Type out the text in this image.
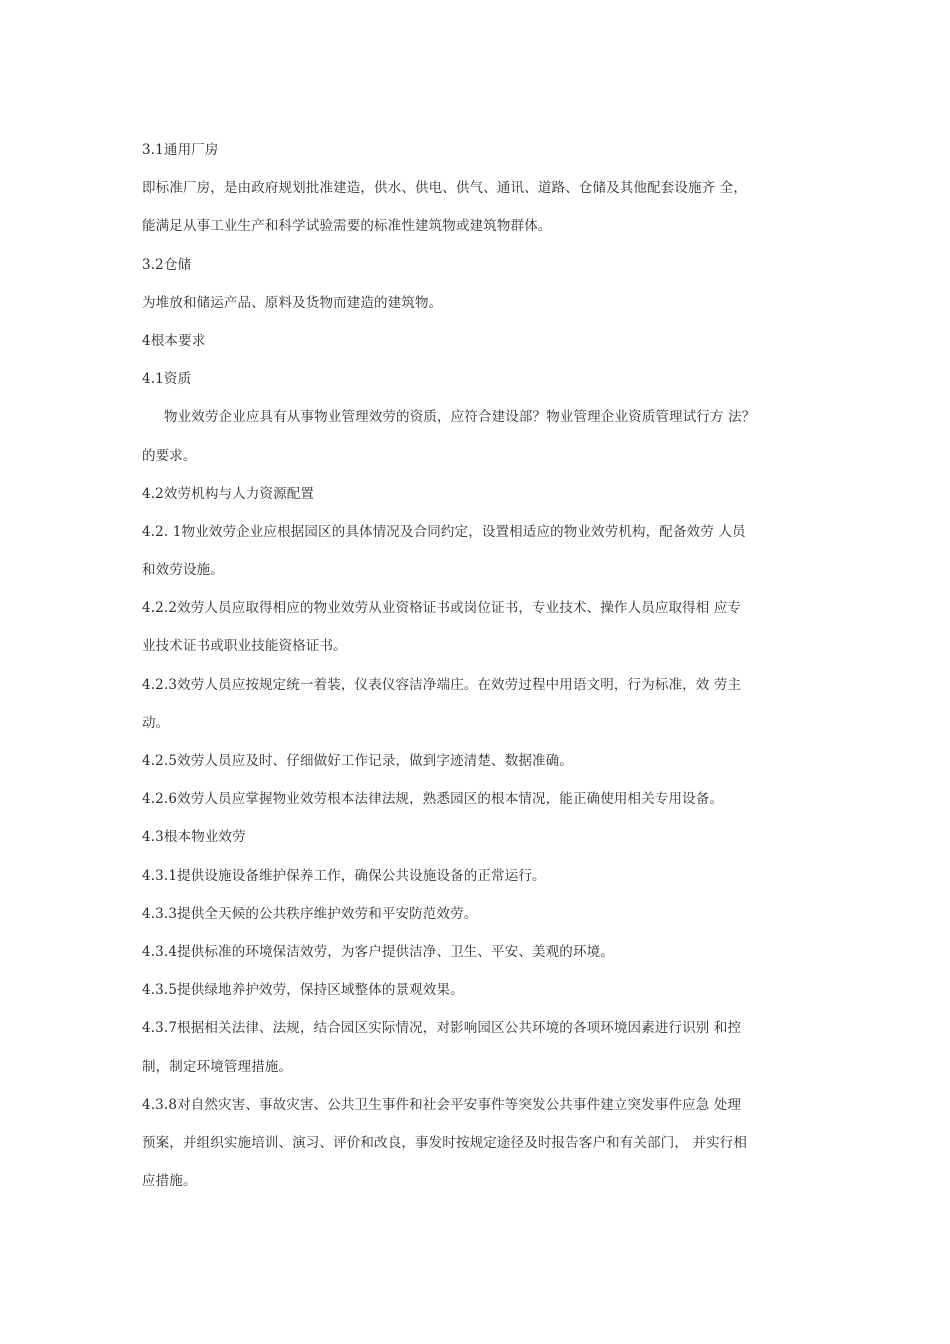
3.1通用厂房
即标准厂房，是由政府规划批准建造，供水、供电、供气、通讯、道路、仓储及其他配套设施齐 全，
能满足从事工业生产和科学试验需要的标准性建筑物或建筑物群体。
3.2仓储
为堆放和储运产品、原料及货物而建造的建筑物。
4根本要求
4.1资质
物业效劳企业应具有从事物业管理效劳的资质，应符合建设部？物业管理企业资质管理试行方 法？
的要求。
4.2效劳机构与人力资源配置
4.2. 1物业效劳企业应根据园区的具体情况及合同约定，设置相适应的物业效劳机构，配备效劳 人员
和效劳设施。
4.2.2效劳人员应取得相应的物业效劳从业资格证书或岗位证书，专业技术、操作人员应取得相 应专
业技术证书或职业技能资格证书。
4.2.3效劳人员应按规定统一着装，仪表仪容洁净端庄。在效劳过程中用语文明，行为标准，效 劳主
动。
4.2.5效劳人员应及时、仔细做好工作记录，做到字迹清楚、数据准确。
4.2.6效劳人员应掌握物业效劳根本法律法规，熟悉园区的根本情况，能正确使用相关专用设备。
4.3根本物业效劳
4.3.1提供设施设备维护保养工作，确保公共设施设备的正常运行。
4.3.3提供全天候的公共秩序维护效劳和平安防范效劳。
4.3.4提供标准的环境保洁效劳，为客户提供洁净、卫生、平安、美观的环境。
4.3.5提供绿地养护效劳，保持区域整体的景观效果。
4.3.7根据相关法律、法规，结合园区实际情况，对影响园区公共环境的各项环境因素进行识别 和控
制，制定环境管理措施。
4.3.8对自然灾害、事故灾害、公共卫生事件和社会平安事件等突发公共事件建立突发事件应急 处理
预案，并组织实施培训、演习、评价和改良，事发时按规定途径及时报告客户和有关部门， 并实行相
应措施。
